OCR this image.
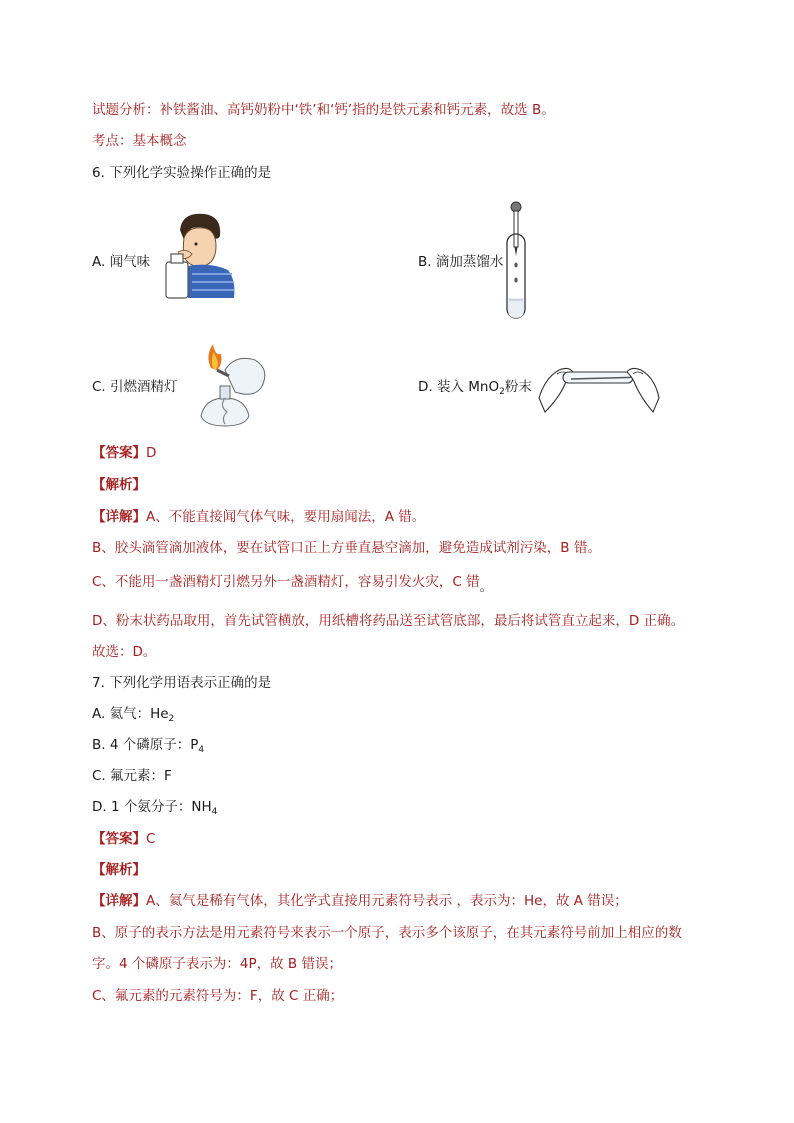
试题分析：补铁酱油、高钙奶粉中‘铁’和‘钙’指的是铁元素和钙元素，故选 B。
考点：基本概念
6. 下列化学实验操作正确的是
A. 闻气味	B. 滴加蒸馏水
C. 引燃酒精灯	D. 装入 MnO$_2$粉末
【答案】D
【解析】
【详解】A、不能直接闻气体气味，要用扇闻法，A 错。
B、胶头滴管滴加液体，要在试管口正上方垂直悬空滴加，避免造成试剂污染，B 错。
C、不能用一盏酒精灯引燃另外一盏酒精灯，容易引发火灾，C 错。
D、粉末状药品取用，首先试管横放，用纸槽将药品送至试管底部，最后将试管直立起来，D 正确。
故选：D。
7. 下列化学用语表示正确的是
A. 氦气：$He_2$
B. 4 个磷原子：$P_4$
C. 氟元素：F
D. 1 个氨分子：$NH_4$
【答案】C
【解析】
【详解】A、氦气是稀有气体，其化学式直接用元素符号表示 ，表示为：He，故 A 错误；
B、原子的表示方法是用元素符号来表示一个原子，表示多个该原子，在其元素符号前加上相应的数
字。4 个磷原子表示为：4P，故 B 错误；
C、氟元素的元素符号为：F，故 C 正确；
